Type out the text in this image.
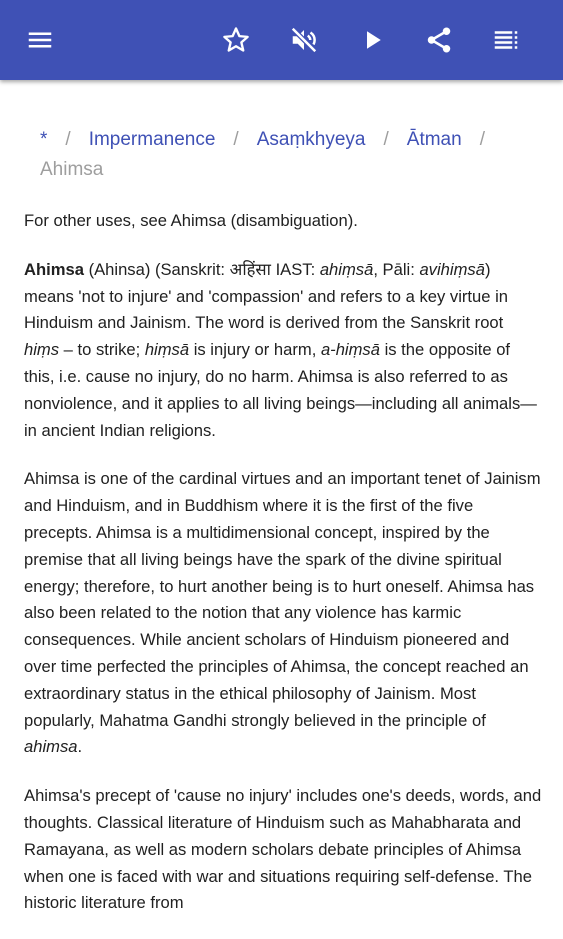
* / Impermanence / Asaṃkhyeya / Ātman /
Ahimsa

For other uses, see Ahimsa (disambiguation).

Ahimsa (Ahinsa) (Sanskrit: अहिंसा IAST: ahiṃsā, Pāli: avihiṃsā) means 'not to injure' and 'compassion' and refers to a key virtue in Hinduism and Jainism. The word is derived from the Sanskrit root hiṃs – to strike; hiṃsā is injury or harm, a-hiṃsā is the opposite of this, i.e. cause no injury, do no harm. Ahimsa is also referred to as nonviolence, and it applies to all living beings—including all animals—in ancient Indian religions.

Ahimsa is one of the cardinal virtues and an important tenet of Jainism and Hinduism, and in Buddhism where it is the first of the five precepts. Ahimsa is a multidimensional concept, inspired by the premise that all living beings have the spark of the divine spiritual energy; therefore, to hurt another being is to hurt oneself. Ahimsa has also been related to the notion that any violence has karmic consequences. While ancient scholars of Hinduism pioneered and over time perfected the principles of Ahimsa, the concept reached an extraordinary status in the ethical philosophy of Jainism. Most popularly, Mahatma Gandhi strongly believed in the principle of ahimsa.

Ahimsa's precept of 'cause no injury' includes one's deeds, words, and thoughts. Classical literature of Hinduism such as Mahabharata and Ramayana, as well as modern scholars debate principles of Ahimsa when one is faced with war and situations requiring self-defense. The historic literature from
